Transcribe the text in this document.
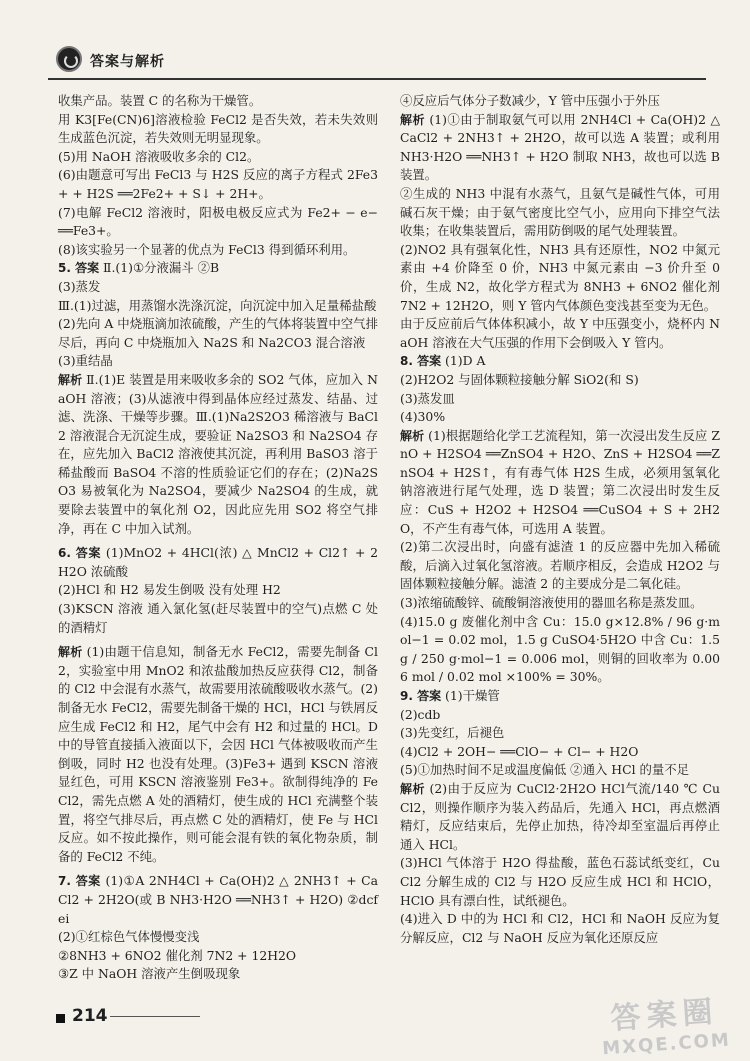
答案与解析

收集产品。装置 C 的名称为干燥管。

用 K3[Fe(CN)6]溶液检验 FeCl2 是否失效，若未失效则生成蓝色沉淀，若失效则无明显现象。

(5)用 NaOH 溶液吸收多余的 Cl2。

(6)由题意可写出 FeCl3 与 H2S 反应的离子方程式 2Fe3+ + H2S ══2Fe2+ + S↓ + 2H+。

(7)电解 FeCl2 溶液时，阳极电极反应式为 Fe2+ − e− ══Fe3+。

(8)该实验另一个显著的优点为 FeCl3 得到循环利用。

5. 答案 Ⅱ.(1)①分液漏斗 ②B

(3)蒸发

Ⅲ.(1)过滤，用蒸馏水洗涤沉淀，向沉淀中加入足量稀盐酸

(2)先向 A 中烧瓶滴加浓硫酸，产生的气体将装置中空气排尽后，再向 C 中烧瓶加入 Na2S 和 Na2CO3 混合溶液

(3)重结晶

解析 Ⅱ.(1)E 装置是用来吸收多余的 SO2 气体，应加入 NaOH 溶液；(3)从滤液中得到晶体应经过蒸发、结晶、过滤、洗涤、干燥等步骤。Ⅲ.(1)Na2S2O3 稀溶液与 BaCl2 溶液混合无沉淀生成，要验证 Na2SO3 和 Na2SO4 存在，应先加入 BaCl2 溶液使其沉淀，再利用 BaSO3 溶于稀盐酸而 BaSO4 不溶的性质验证它们的存在；(2)Na2SO3 易被氧化为 Na2SO4，要减少 Na2SO4 的生成，就要除去装置中的氧化剂 O2，因此应先用 SO2 将空气排净，再在 C 中加入试剂。

6. 答案 (1)MnO2 + 4HCl(浓) △ MnCl2 + Cl2↑ + 2H2O 浓硫酸

(2)HCl 和 H2 易发生倒吸 没有处理 H2

(3)KSCN 溶液 通入氯化氢(赶尽装置中的空气)点燃 C 处的酒精灯

解析 (1)由题干信息知，制备无水 FeCl2，需要先制备 Cl2，实验室中用 MnO2 和浓盐酸加热反应获得 Cl2，制备的 Cl2 中会混有水蒸气，故需要用浓硫酸吸收水蒸气。(2)制备无水 FeCl2，需要先制备干燥的 HCl，HCl 与铁屑反应生成 FeCl2 和 H2，尾气中会有 H2 和过量的 HCl。D 中的导管直接插入液面以下，会因 HCl 气体被吸收而产生倒吸，同时 H2 也没有处理。(3)Fe3+ 遇到 KSCN 溶液显红色，可用 KSCN 溶液鉴别 Fe3+。欲制得纯净的 FeCl2，需先点燃 A 处的酒精灯，使生成的 HCl 充满整个装置，将空气排尽后，再点燃 C 处的酒精灯，使 Fe 与 HCl 反应。如不按此操作，则可能会混有铁的氧化物杂质，制备的 FeCl2 不纯。

7. 答案 (1)①A 2NH4Cl + Ca(OH)2 △ 2NH3↑ + CaCl2 + 2H2O(或 B NH3·H2O ══NH3↑ + H2O) ②dcfei

(2)①红棕色气体慢慢变浅

②8NH3 + 6NO2 催化剂 7N2 + 12H2O

③Z 中 NaOH 溶液产生倒吸现象

④反应后气体分子数减少，Y 管中压强小于外压

解析 (1)①由于制取氨气可以用 2NH4Cl + Ca(OH)2 △ CaCl2 + 2NH3↑ + 2H2O，故可以选 A 装置；或利用 NH3·H2O ══NH3↑ + H2O 制取 NH3，故也可以选 B 装置。

②生成的 NH3 中混有水蒸气，且氨气是碱性气体，可用碱石灰干燥；由于氨气密度比空气小，应用向下排空气法收集；在收集装置后，需用防倒吸的尾气处理装置。

(2)NO2 具有强氧化性，NH3 具有还原性，NO2 中氮元素由 +4 价降至 0 价，NH3 中氮元素由 −3 价升至 0 价，生成 N2，故化学方程式为 8NH3 + 6NO2 催化剂 7N2 + 12H2O，则 Y 管内气体颜色变浅甚至变为无色。

由于反应前后气体体积减小，故 Y 中压强变小，烧杯内 NaOH 溶液在大气压强的作用下会倒吸入 Y 管内。

8. 答案 (1)D A

(2)H2O2 与固体颗粒接触分解 SiO2(和 S)

(3)蒸发皿

(4)30%

解析 (1)根据题给化学工艺流程知，第一次浸出发生反应 ZnO + H2SO4 ══ZnSO4 + H2O、ZnS + H2SO4 ══ZnSO4 + H2S↑，有有毒气体 H2S 生成，必须用氢氧化钠溶液进行尾气处理，选 D 装置；第二次浸出时发生反应：CuS + H2O2 + H2SO4 ══CuSO4 + S + 2H2O，不产生有毒气体，可选用 A 装置。

(2)第二次浸出时，向盛有滤渣 1 的反应器中先加入稀硫酸，后滴入过氧化氢溶液。若顺序相反，会造成 H2O2 与固体颗粒接触分解。滤渣 2 的主要成分是二氧化硅。

(3)浓缩硫酸锌、硫酸铜溶液使用的器皿名称是蒸发皿。

(4)15.0 g 废催化剂中含 Cu：15.0 g×12.8% / 96 g·mol−1 = 0.02 mol，1.5 g CuSO4·5H2O 中含 Cu：1.5 g / 250 g·mol−1 = 0.006 mol，则铜的回收率为 0.006 mol / 0.02 mol ×100% = 30%。

9. 答案 (1)干燥管

(2)cdb

(3)先变红，后褪色

(4)Cl2 + 2OH− ══ClO− + Cl− + H2O

(5)①加热时间不足或温度偏低 ②通入 HCl 的量不足

解析 (2)由于反应为 CuCl2·2H2O HCl气流/140 ℃ CuCl2，则操作顺序为装入药品后，先通入 HCl，再点燃酒精灯，反应结束后，先停止加热，待冷却至室温后再停止通入 HCl。

(3)HCl 气体溶于 H2O 得盐酸，蓝色石蕊试纸变红，CuCl2 分解生成的 Cl2 与 H2O 反应生成 HCl 和 HClO，HClO 具有漂白性，试纸褪色。

(4)进入 D 中的为 HCl 和 Cl2，HCl 和 NaOH 反应为复分解反应，Cl2 与 NaOH 反应为氧化还原反应

214	答案圈
MXQE.COM
